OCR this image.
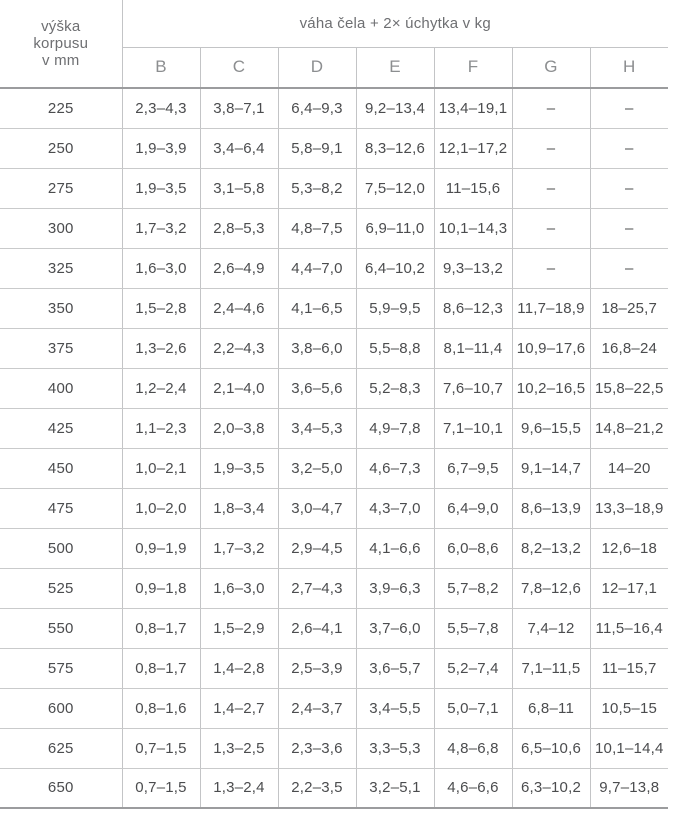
výška
korpusu
v mm	váha čela + 2× úchytka v kg						
	B	C	D	E	F	G	H
225	2,3–4,3	3,8–7,1	6,4–9,3	9,2–13,4	13,4–19,1	–	–
250	1,9–3,9	3,4–6,4	5,8–9,1	8,3–12,6	12,1–17,2	–	–
275	1,9–3,5	3,1–5,8	5,3–8,2	7,5–12,0	11–15,6	–	–
300	1,7–3,2	2,8–5,3	4,8–7,5	6,9–11,0	10,1–14,3	–	–
325	1,6–3,0	2,6–4,9	4,4–7,0	6,4–10,2	9,3–13,2	–	–
350	1,5–2,8	2,4–4,6	4,1–6,5	5,9–9,5	8,6–12,3	11,7–18,9	18–25,7
375	1,3–2,6	2,2–4,3	3,8–6,0	5,5–8,8	8,1–11,4	10,9–17,6	16,8–24
400	1,2–2,4	2,1–4,0	3,6–5,6	5,2–8,3	7,6–10,7	10,2–16,5	15,8–22,5
425	1,1–2,3	2,0–3,8	3,4–5,3	4,9–7,8	7,1–10,1	9,6–15,5	14,8–21,2
450	1,0–2,1	1,9–3,5	3,2–5,0	4,6–7,3	6,7–9,5	9,1–14,7	14–20
475	1,0–2,0	1,8–3,4	3,0–4,7	4,3–7,0	6,4–9,0	8,6–13,9	13,3–18,9
500	0,9–1,9	1,7–3,2	2,9–4,5	4,1–6,6	6,0–8,6	8,2–13,2	12,6–18
525	0,9–1,8	1,6–3,0	2,7–4,3	3,9–6,3	5,7–8,2	7,8–12,6	12–17,1
550	0,8–1,7	1,5–2,9	2,6–4,1	3,7–6,0	5,5–7,8	7,4–12	11,5–16,4
575	0,8–1,7	1,4–2,8	2,5–3,9	3,6–5,7	5,2–7,4	7,1–11,5	11–15,7
600	0,8–1,6	1,4–2,7	2,4–3,7	3,4–5,5	5,0–7,1	6,8–11	10,5–15
625	0,7–1,5	1,3–2,5	2,3–3,6	3,3–5,3	4,8–6,8	6,5–10,6	10,1–14,4
650	0,7–1,5	1,3–2,4	2,2–3,5	3,2–5,1	4,6–6,6	6,3–10,2	9,7–13,8
